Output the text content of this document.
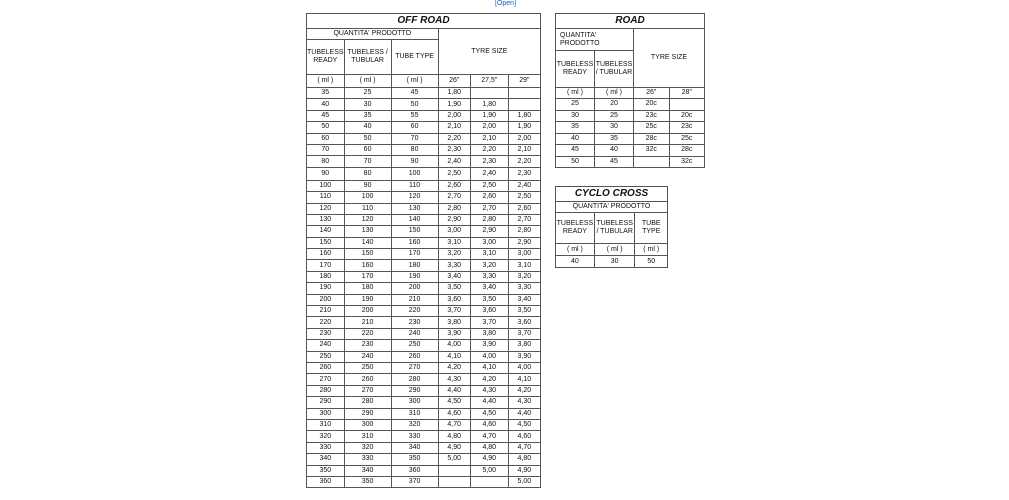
[Open]
OFF ROAD					
QUANTITA' PRODOTTO			TYRE SIZE		
TUBELESS READY	TUBELESS / TUBULAR	TUBE TYPE			
( ml )	( ml )	( ml )	26"	27,5"	29"
35	25	45	1,80		
40	30	50	1,90	1,80	
45	35	55	2,00	1,90	1,80
50	40	60	2,10	2,00	1,90
60	50	70	2,20	2,10	2,00
70	60	80	2,30	2,20	2,10
80	70	90	2,40	2,30	2,20
90	80	100	2,50	2,40	2,30
100	90	110	2,60	2,50	2,40
110	100	120	2,70	2,60	2,50
120	110	130	2,80	2,70	2,60
130	120	140	2,90	2,80	2,70
140	130	150	3,00	2,90	2,80
150	140	160	3,10	3,00	2,90
160	150	170	3,20	3,10	3,00
170	160	180	3,30	3,20	3,10
180	170	190	3,40	3,30	3,20
190	180	200	3,50	3,40	3,30
200	190	210	3,60	3,50	3,40
210	200	220	3,70	3,60	3,50
220	210	230	3,80	3,70	3,60
230	220	240	3,90	3,80	3,70
240	230	250	4,00	3,90	3,80
250	240	260	4,10	4,00	3,90
260	250	270	4,20	4,10	4,00
270	260	280	4,30	4,20	4,10
280	270	290	4,40	4,30	4,20
290	280	300	4,50	4,40	4,30
300	290	310	4,60	4,50	4,40
310	300	320	4,70	4,60	4,50
320	310	330	4,80	4,70	4,60
330	320	340	4,90	4,80	4,70
340	330	350	5,00	4,90	4,80
350	340	360		5,00	4,90
360	350	370			5,00
ROAD			
QUANTITA' PRODOTTO		TYRE SIZE	
TUBELESS READY	TUBELESS / TUBULAR		
( ml )	( ml )	26"	28"
25	20	20c	
30	25	23c	20c
35	30	25c	23c
40	35	28c	25c
45	40	32c	28c
50	45		32c
CYCLO CROSS		
QUANTITA' PRODOTTO		
TUBELESS READY	TUBELESS / TUBULAR	TUBE TYPE
( ml )	( ml )	( ml )
40	30	50
